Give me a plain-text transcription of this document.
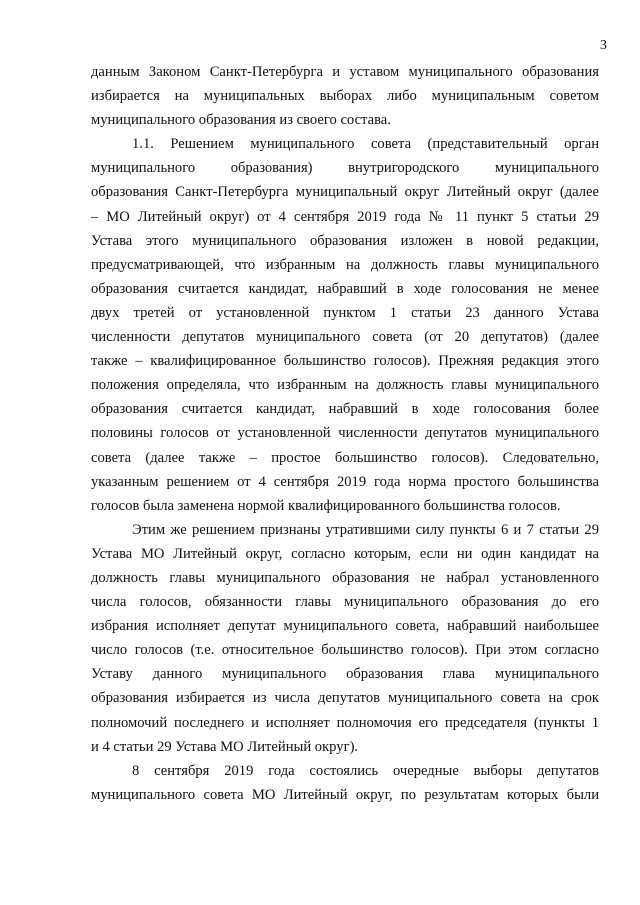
3

данным Законом Санкт-Петербурга и уставом муниципального образования
избирается на муниципальных выборах либо муниципальным советом
муниципального образования из своего состава.

1.1. Решением муниципального совета (представительный орган
муниципального образования) внутригородского муниципального
образования Санкт-Петербурга муниципальный округ Литейный округ (далее
– МО Литейный округ) от 4 сентября 2019 года № 11 пункт 5 статьи 29
Устава этого муниципального образования изложен в новой редакции,
предусматривающей, что избранным на должность главы муниципального
образования считается кандидат, набравший в ходе голосования не менее
двух третей от установленной пунктом 1 статьи 23 данного Устава
численности депутатов муниципального совета (от 20 депутатов) (далее
также – квалифицированное большинство голосов). Прежняя редакция этого
положения определяла, что избранным на должность главы муниципального
образования считается кандидат, набравший в ходе голосования более
половины голосов от установленной численности депутатов муниципального
совета (далее также – простое большинство голосов). Следовательно,
указанным решением от 4 сентября 2019 года норма простого большинства
голосов была заменена нормой квалифицированного большинства голосов.

Этим же решением признаны утратившими силу пункты 6 и 7 статьи 29
Устава МО Литейный округ, согласно которым, если ни один кандидат на
должность главы муниципального образования не набрал установленного
числа голосов, обязанности главы муниципального образования до его
избрания исполняет депутат муниципального совета, набравший наибольшее
число голосов (т.е. относительное большинство голосов). При этом согласно
Уставу данного муниципального образования глава муниципального
образования избирается из числа депутатов муниципального совета на срок
полномочий последнего и исполняет полномочия его председателя (пункты 1
и 4 статьи 29 Устава МО Литейный округ).

8 сентября 2019 года состоялись очередные выборы депутатов
муниципального совета МО Литейный округ, по результатам которых были
